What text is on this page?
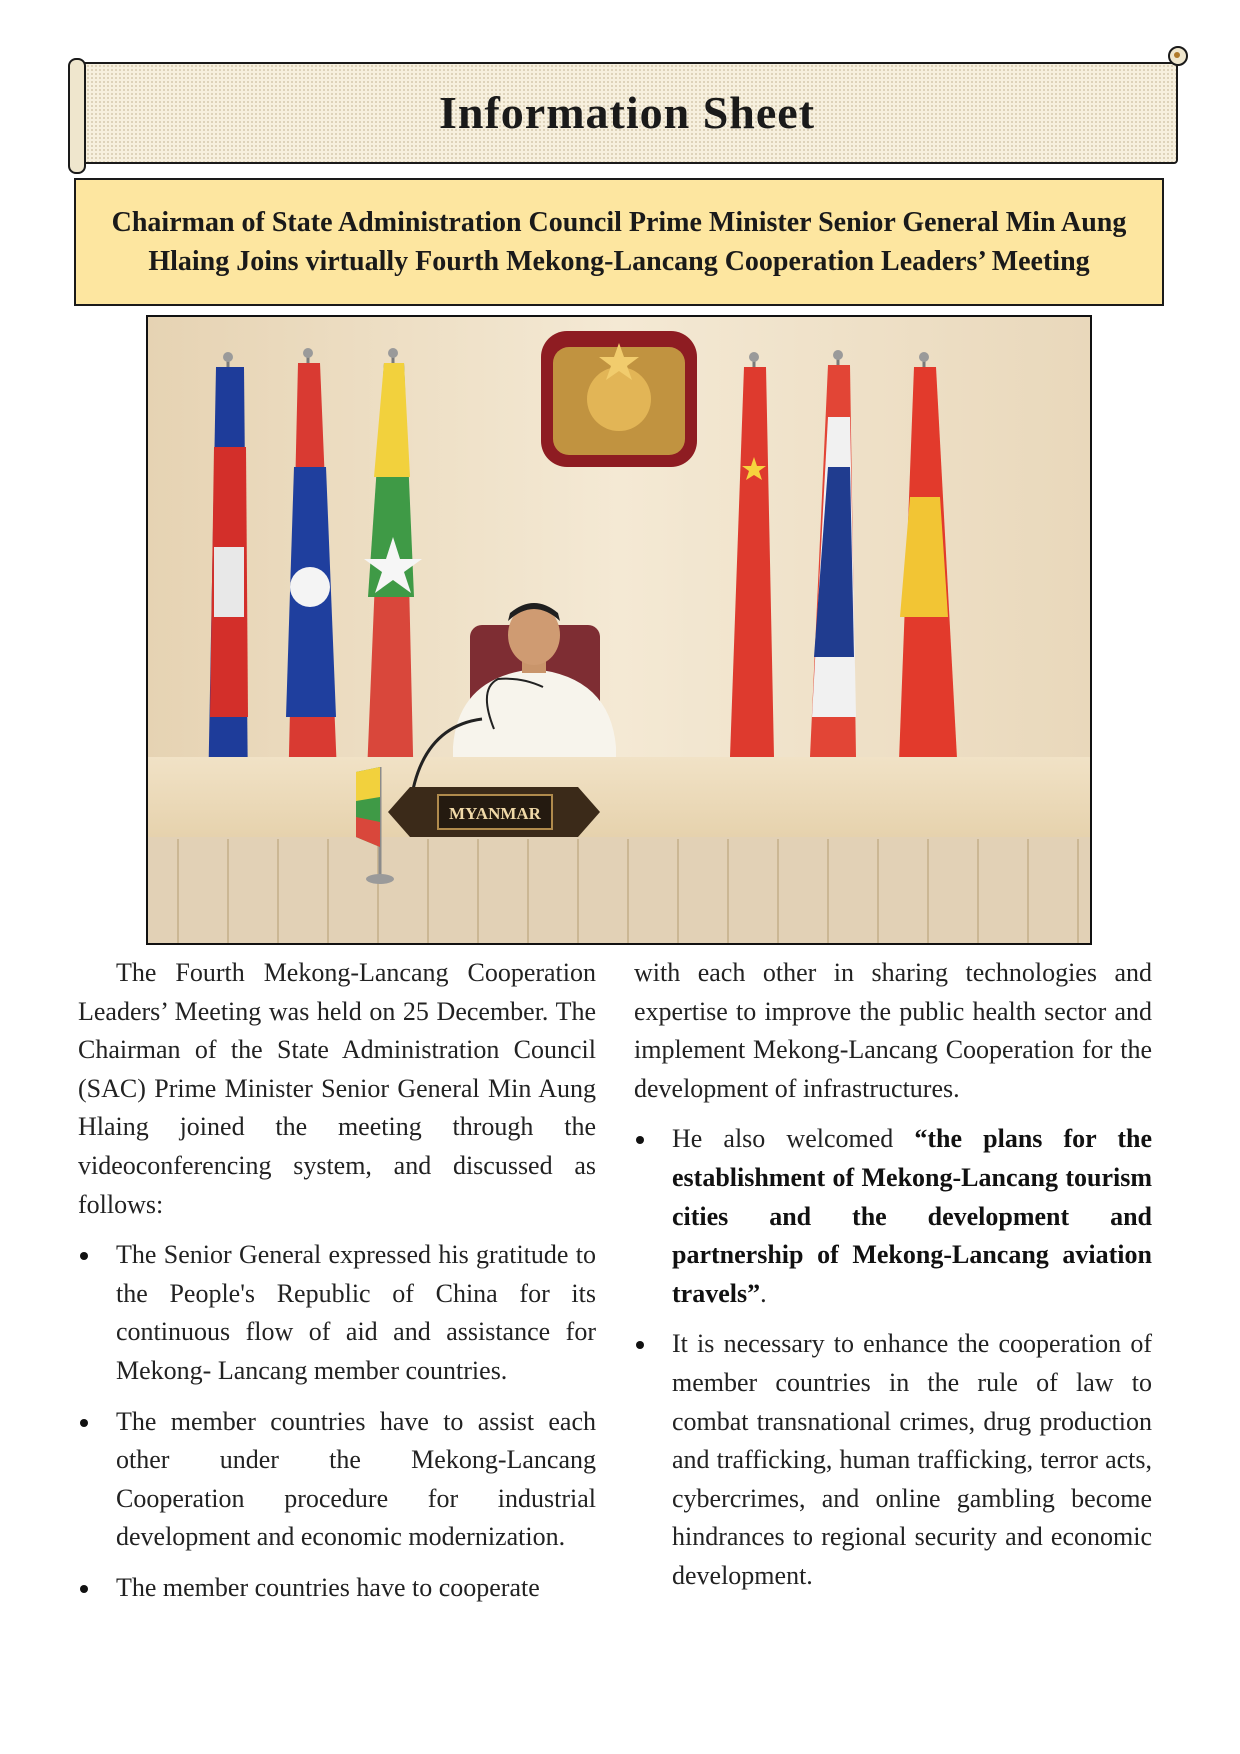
Information Sheet

Chairman of State Administration Council Prime Minister Senior General Min Aung Hlaing Joins virtually Fourth Mekong-Lancang Cooperation Leaders’ Meeting

MYANMAR

The Fourth Mekong-Lancang Cooperation Leaders’ Meeting was held on 25 December. The Chairman of the State Administration Council (SAC) Prime Minister Senior General Min Aung Hlaing joined the meeting through the videoconferencing system, and discussed as follows:

The Senior General expressed his gratitude to the People's Republic of China for its continuous flow of aid and assistance for Mekong- Lancang member countries.
The member countries have to assist each other under the Mekong-Lancang Cooperation procedure for industrial development and economic modernization.
The member countries have to cooperate

with each other in sharing technologies and expertise to improve the public health sector and implement Mekong-Lancang Cooperation for the development of infrastructures.

He also welcomed “the plans for the establishment of Mekong-Lancang tourism cities and the development and partnership of Mekong-Lancang aviation travels”.
It is necessary to enhance the cooperation of member countries in the rule of law to combat transnational crimes, drug production and trafficking, human trafficking, terror acts, cybercrimes, and online gambling become hindrances to regional security and economic development.
